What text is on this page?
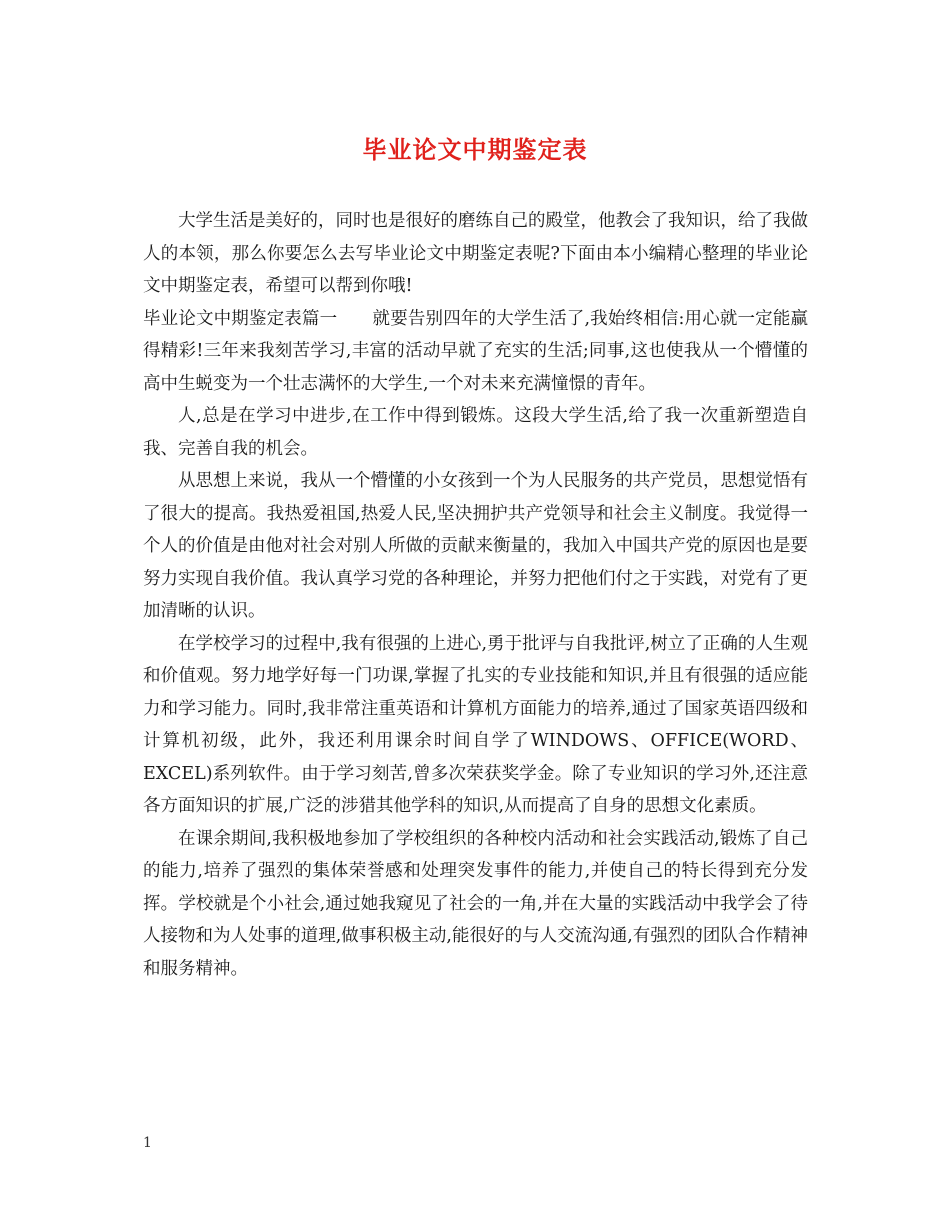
毕业论文中期鉴定表

大学生活是美好的，同时也是很好的磨练自己的殿堂，他教会了我知识，给了我做人的本领，那么你要怎么去写毕业论文中期鉴定表呢?下面由本小编精心整理的毕业论文中期鉴定表，希望可以帮到你哦!

毕业论文中期鉴定表篇一　　就要告别四年的大学生活了,我始终相信:用心就一定能赢得精彩!三年来我刻苦学习,丰富的活动早就了充实的生活;同事,这也使我从一个懵懂的高中生蜕变为一个壮志满怀的大学生,一个对未来充满憧憬的青年。

人,总是在学习中进步,在工作中得到锻炼。这段大学生活,给了我一次重新塑造自我、完善自我的机会。

从思想上来说，我从一个懵懂的小女孩到一个为人民服务的共产党员，思想觉悟有了很大的提高。我热爱祖国,热爱人民,坚决拥护共产党领导和社会主义制度。我觉得一个人的价值是由他对社会对别人所做的贡献来衡量的，我加入中国共产党的原因也是要努力实现自我价值。我认真学习党的各种理论，并努力把他们付之于实践，对党有了更加清晰的认识。

在学校学习的过程中,我有很强的上进心,勇于批评与自我批评,树立了正确的人生观和价值观。努力地学好每一门功课,掌握了扎实的专业技能和知识,并且有很强的适应能力和学习能力。同时,我非常注重英语和计算机方面能力的培养,通过了国家英语四级和计算机初级，此外，我还利用课余时间自学了WINDOWS、OFFICE(WORD、EXCEL)系列软件。由于学习刻苦,曾多次荣获奖学金。除了专业知识的学习外,还注意各方面知识的扩展,广泛的涉猎其他学科的知识,从而提高了自身的思想文化素质。

在课余期间,我积极地参加了学校组织的各种校内活动和社会实践活动,锻炼了自己的能力,培养了强烈的集体荣誉感和处理突发事件的能力,并使自己的特长得到充分发挥。学校就是个小社会,通过她我窥见了社会的一角,并在大量的实践活动中我学会了待人接物和为人处事的道理,做事积极主动,能很好的与人交流沟通,有强烈的团队合作精神和服务精神。

1
